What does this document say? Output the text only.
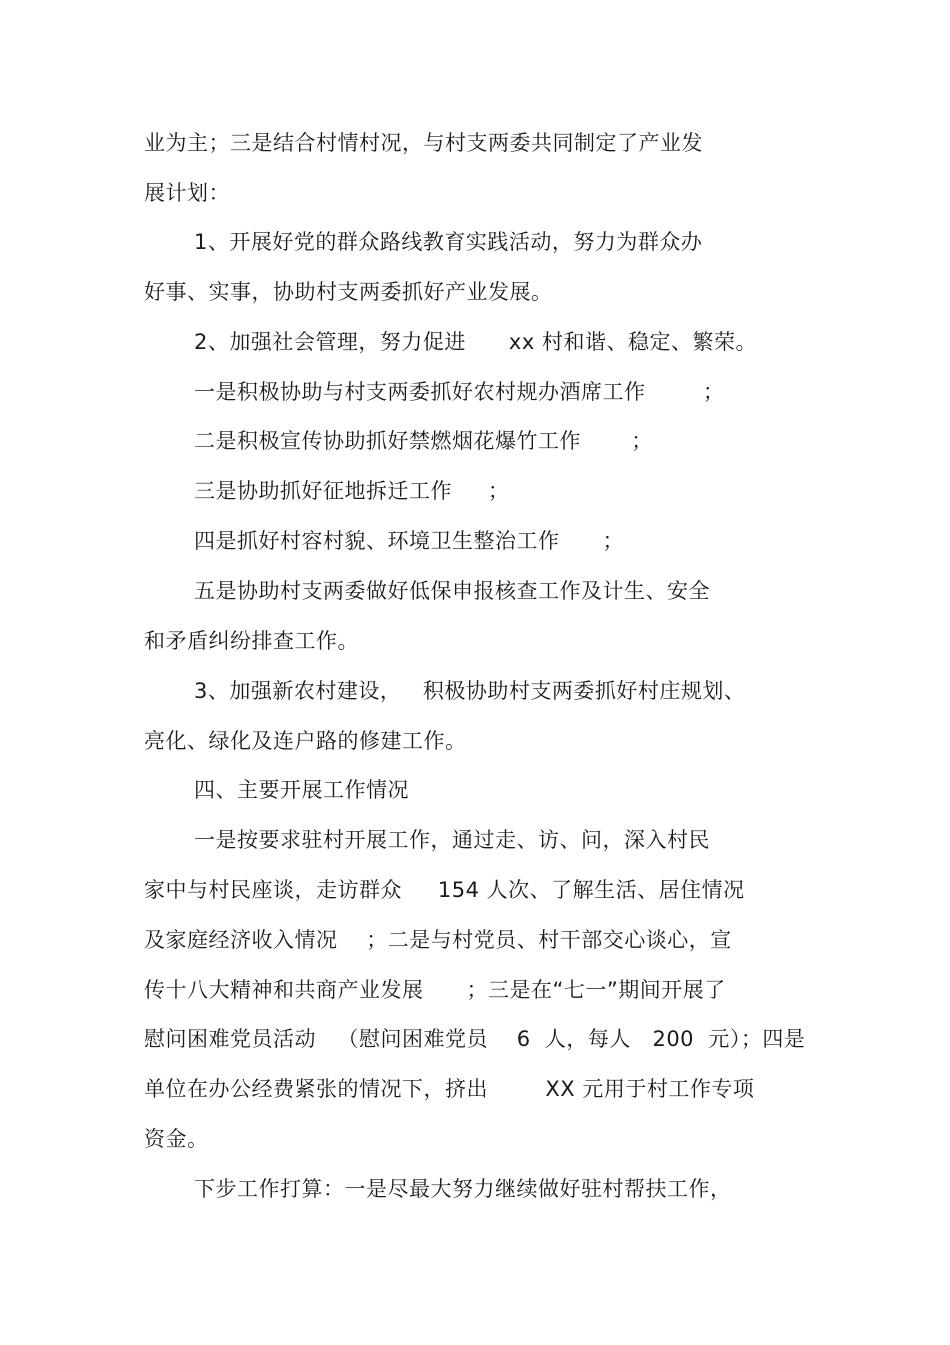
业为主；三是结合村情村况，与村支两委共同制定了产业发
展计划：
1、开展好党的群众路线教育实践活动，努力为群众办
好事、实事，协助村支两委抓好产业发展。
2、加强社会管理，努力促进      xx 村和谐、稳定、繁荣。
一是积极协助与村支两委抓好农村规办酒席工作        ；
二是积极宣传协助抓好禁燃烟花爆竹工作       ；
三是协助抓好征地拆迁工作     ；
四是抓好村容村貌、环境卫生整治工作      ；
五是协助村支两委做好低保申报核查工作及计生、安全
和矛盾纠纷排查工作。
3、加强新农村建设，   积极协助村支两委抓好村庄规划、
亮化、绿化及连户路的修建工作。
四、主要开展工作情况
一是按要求驻村开展工作，通过走、访、问，深入村民
家中与村民座谈，走访群众     154 人次、了解生活、居住情况
及家庭经济收入情况    ；二是与村党员、村干部交心谈心，宣
传十八大精神和共商产业发展      ；三是在“七一”期间开展了
慰问困难党员活动   （慰问困难党员    6  人，每人   200  元）；四是
单位在办公经费紧张的情况下，挤出        XX 元用于村工作专项
资金。
下步工作打算：一是尽最大努力继续做好驻村帮扶工作，
